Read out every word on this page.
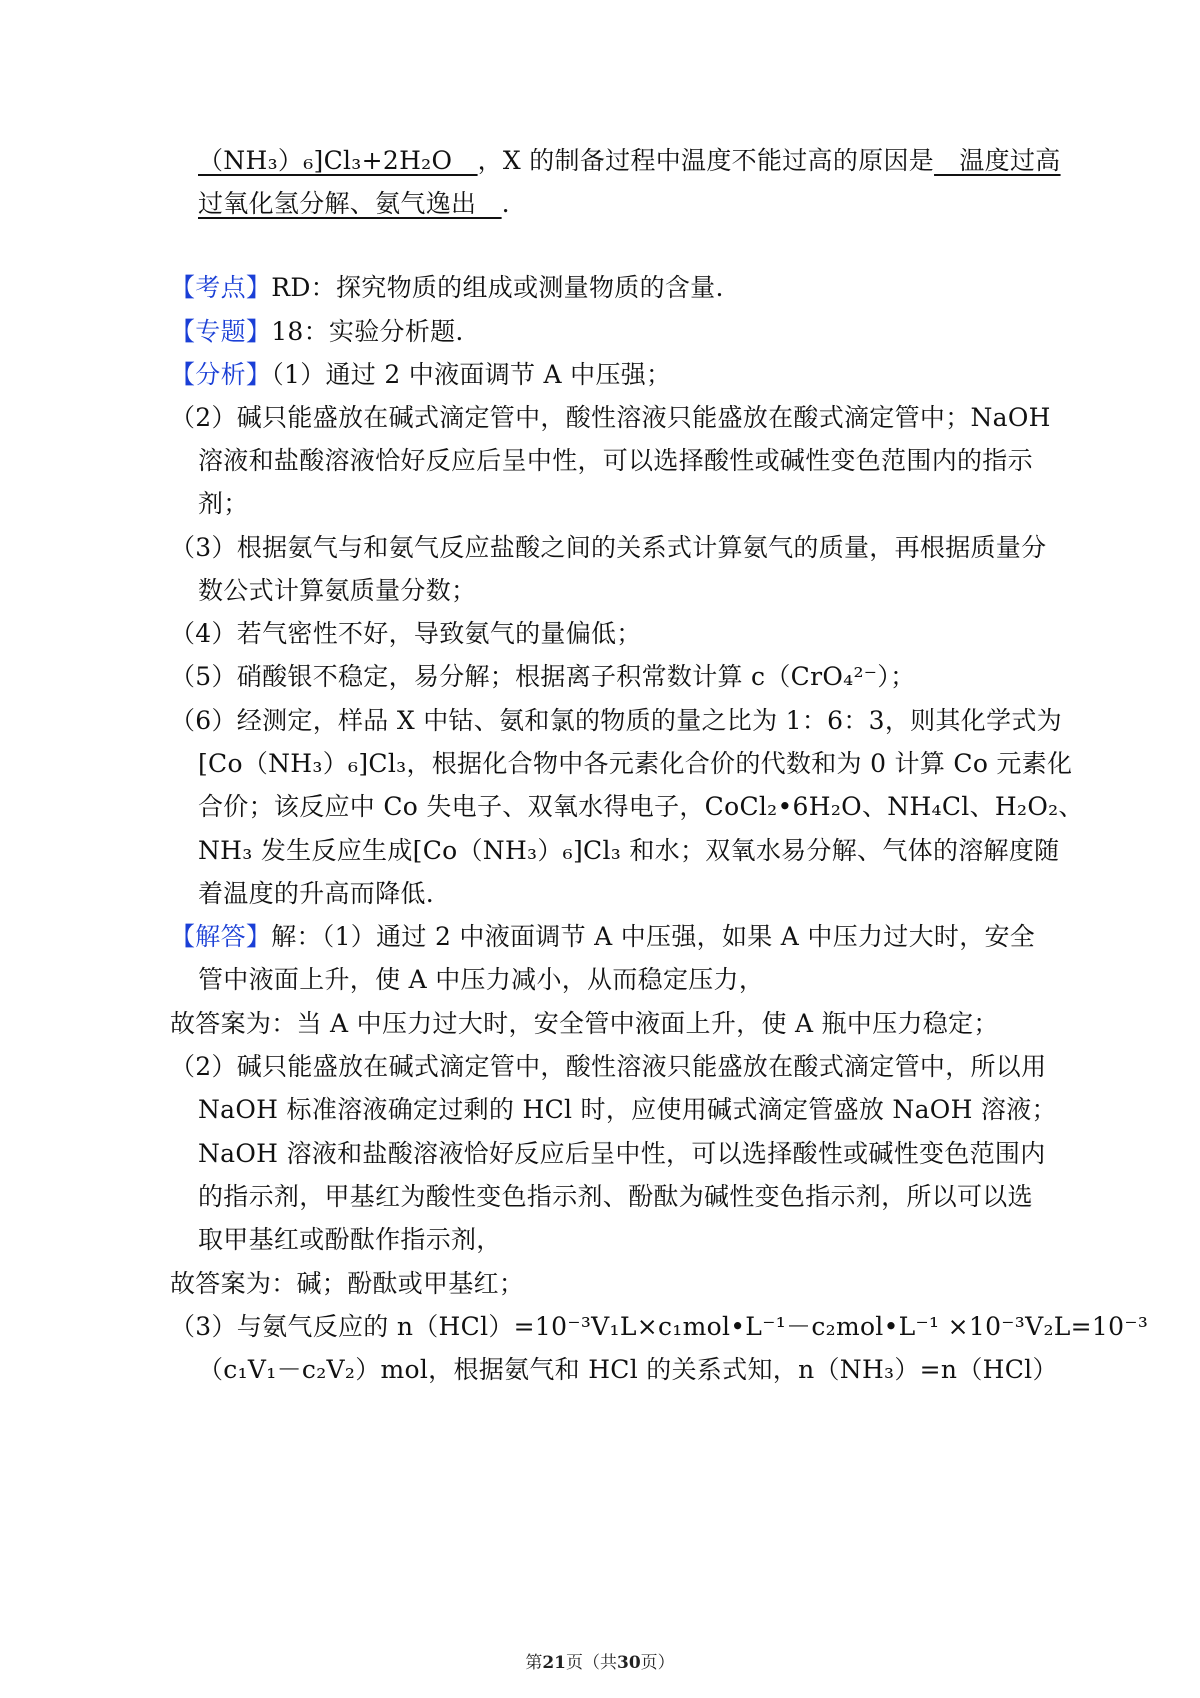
（NH₃）₆]Cl₃+2H₂O　，X 的制备过程中温度不能过高的原因是　温度过高
过氧化氢分解、氨气逸出　.
【考点】RD：探究物质的组成或测量物质的含量.
【专题】18：实验分析题.
【分析】（1）通过 2 中液面调节 A 中压强；
（2）碱只能盛放在碱式滴定管中，酸性溶液只能盛放在酸式滴定管中；NaOH
溶液和盐酸溶液恰好反应后呈中性，可以选择酸性或碱性变色范围内的指示
剂；
（3）根据氨气与和氨气反应盐酸之间的关系式计算氨气的质量，再根据质量分
数公式计算氨质量分数；
（4）若气密性不好，导致氨气的量偏低；
（5）硝酸银不稳定，易分解；根据离子积常数计算 c（CrO₄²⁻）；
（6）经测定，样品 X 中钴、氨和氯的物质的量之比为 1：6：3，则其化学式为
[Co（NH₃）₆]Cl₃，根据化合物中各元素化合价的代数和为 0 计算 Co 元素化
合价；该反应中 Co 失电子、双氧水得电子，CoCl₂•6H₂O、NH₄Cl、H₂O₂、
NH₃ 发生反应生成[Co（NH₃）₆]Cl₃ 和水；双氧水易分解、气体的溶解度随
着温度的升高而降低.
【解答】解：（1）通过 2 中液面调节 A 中压强，如果 A 中压力过大时，安全
管中液面上升，使 A 中压力减小，从而稳定压力，
故答案为：当 A 中压力过大时，安全管中液面上升，使 A 瓶中压力稳定；
（2）碱只能盛放在碱式滴定管中，酸性溶液只能盛放在酸式滴定管中，所以用
NaOH 标准溶液确定过剩的 HCl 时，应使用碱式滴定管盛放 NaOH 溶液；
NaOH 溶液和盐酸溶液恰好反应后呈中性，可以选择酸性或碱性变色范围内
的指示剂，甲基红为酸性变色指示剂、酚酞为碱性变色指示剂，所以可以选
取甲基红或酚酞作指示剂，
故答案为：碱；酚酞或甲基红；
（3）与氨气反应的 n（HCl）=10⁻³V₁L×c₁mol•L⁻¹－c₂mol•L⁻¹ ×10⁻³V₂L=10⁻³
（c₁V₁－c₂V₂）mol，根据氨气和 HCl 的关系式知，n（NH₃）=n（HCl）
第21页（共30页）
